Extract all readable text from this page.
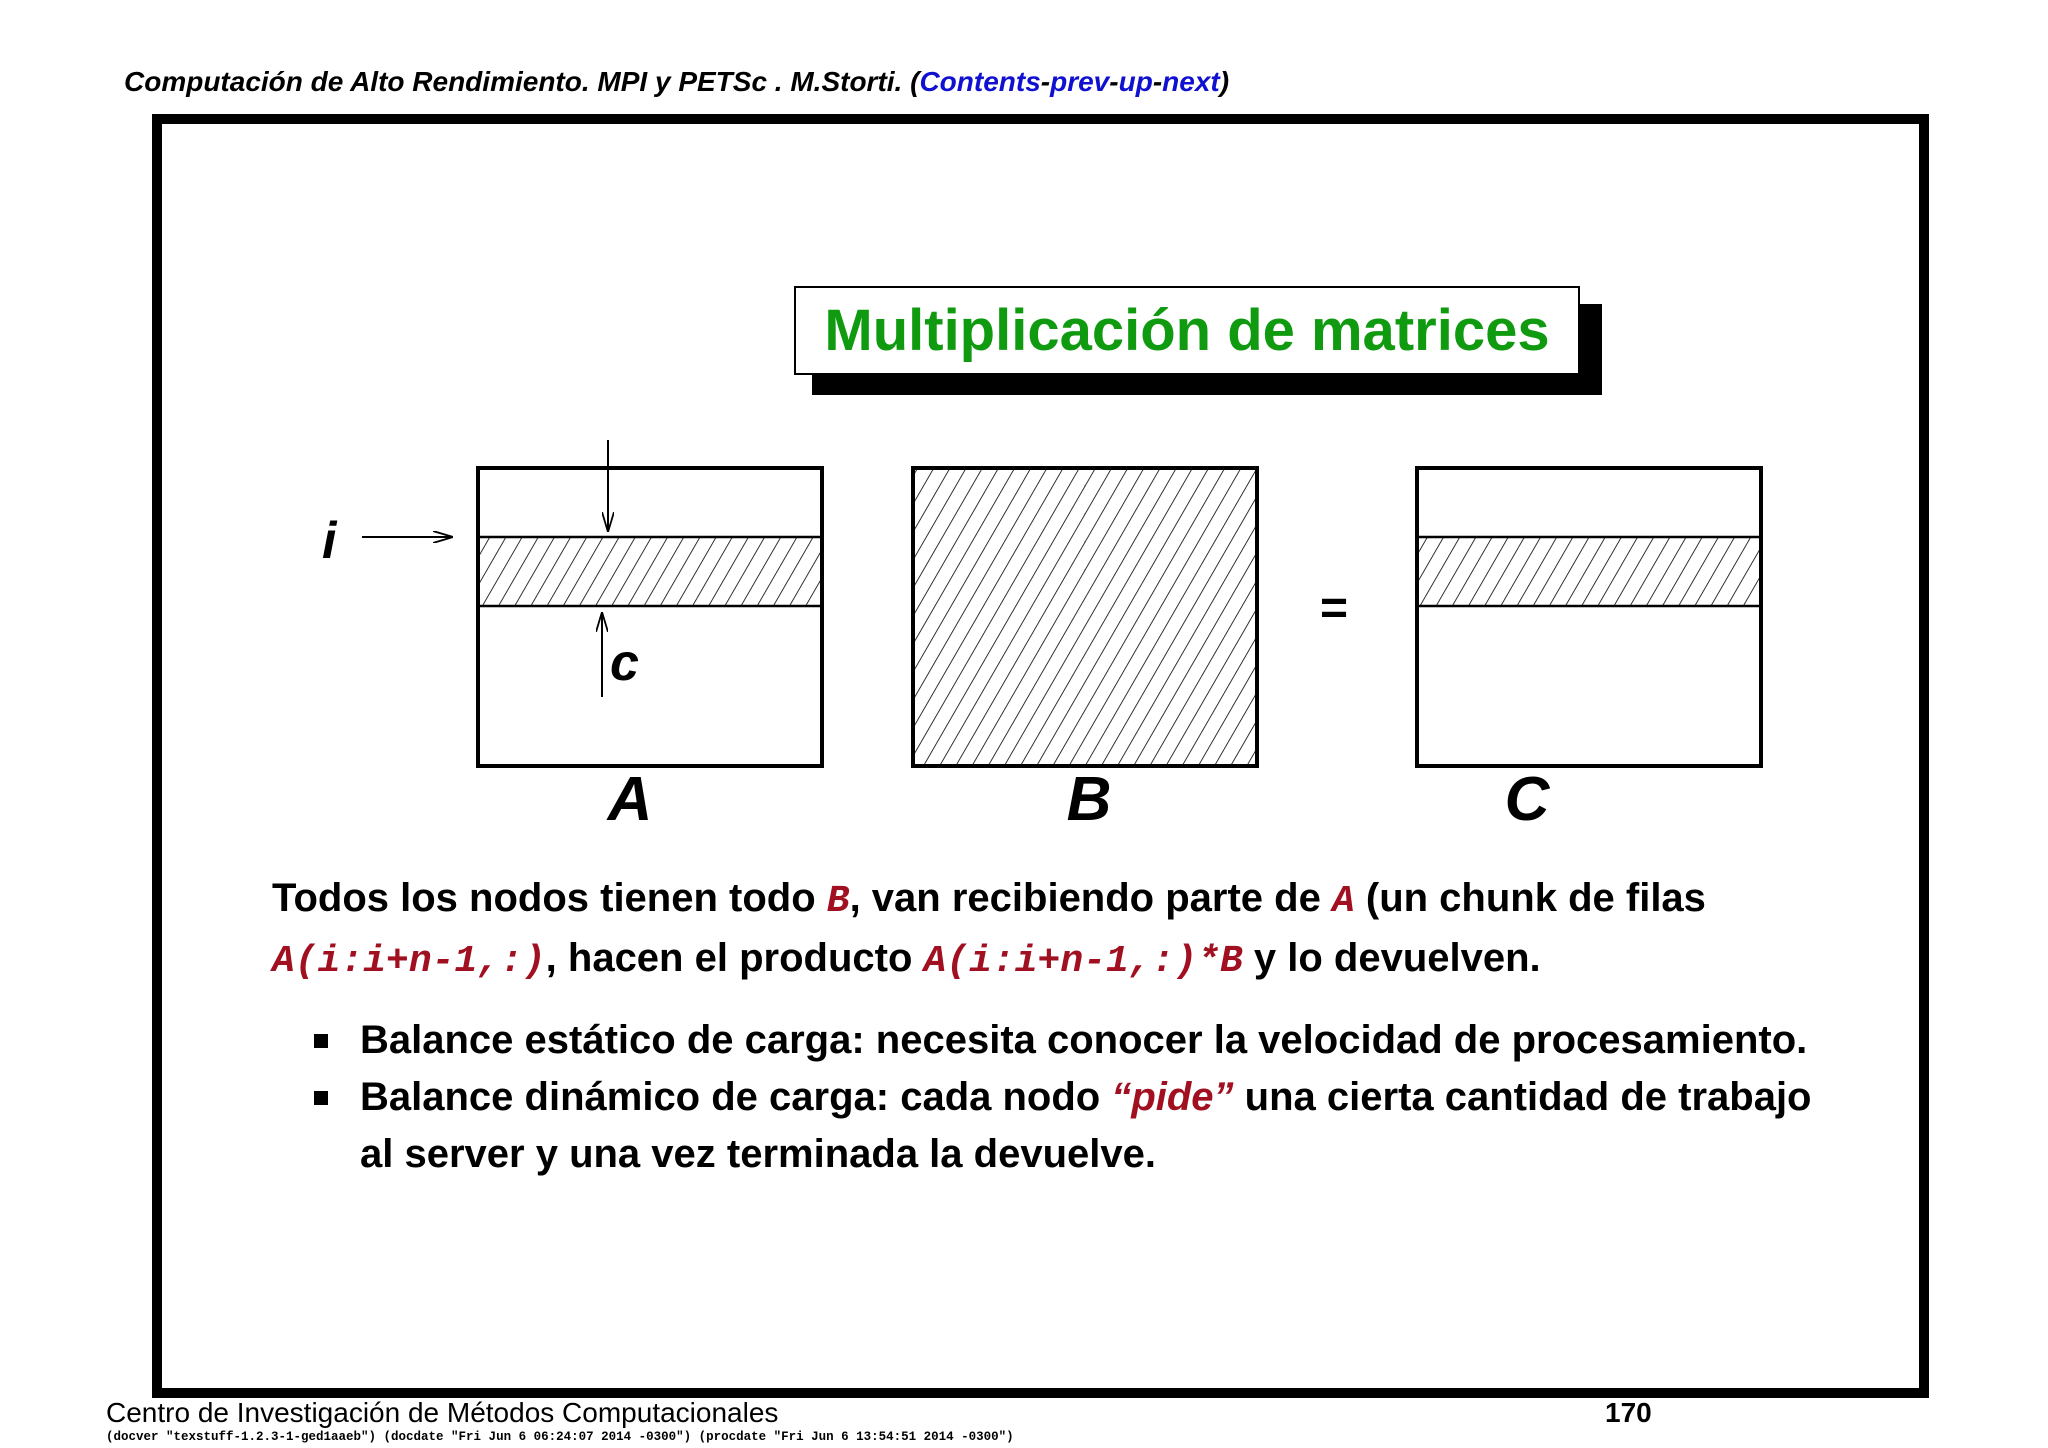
Computación de Alto Rendimiento. MPI y PETSc . M.Storti. (Contents-prev-up-next)
Multiplicación de matrices
i
c
A	B
=
C
Todos los nodos tienen todo B, van recibiendo parte de A (un chunk de filas A(i:i+n-1,:), hacen el producto A(i:i+n-1,:)*B y lo devuelven.
Balance estático de carga: necesita conocer la velocidad de procesamiento.
Balance dinámico de carga: cada nodo “pide” una cierta cantidad de trabajo al server y una vez terminada la devuelve.
Centro de Investigación de Métodos Computacionales	170
(docver "texstuff-1.2.3-1-ged1aaeb") (docdate "Fri Jun 6 06:24:07 2014 -0300") (procdate "Fri Jun 6 13:54:51 2014 -0300")
